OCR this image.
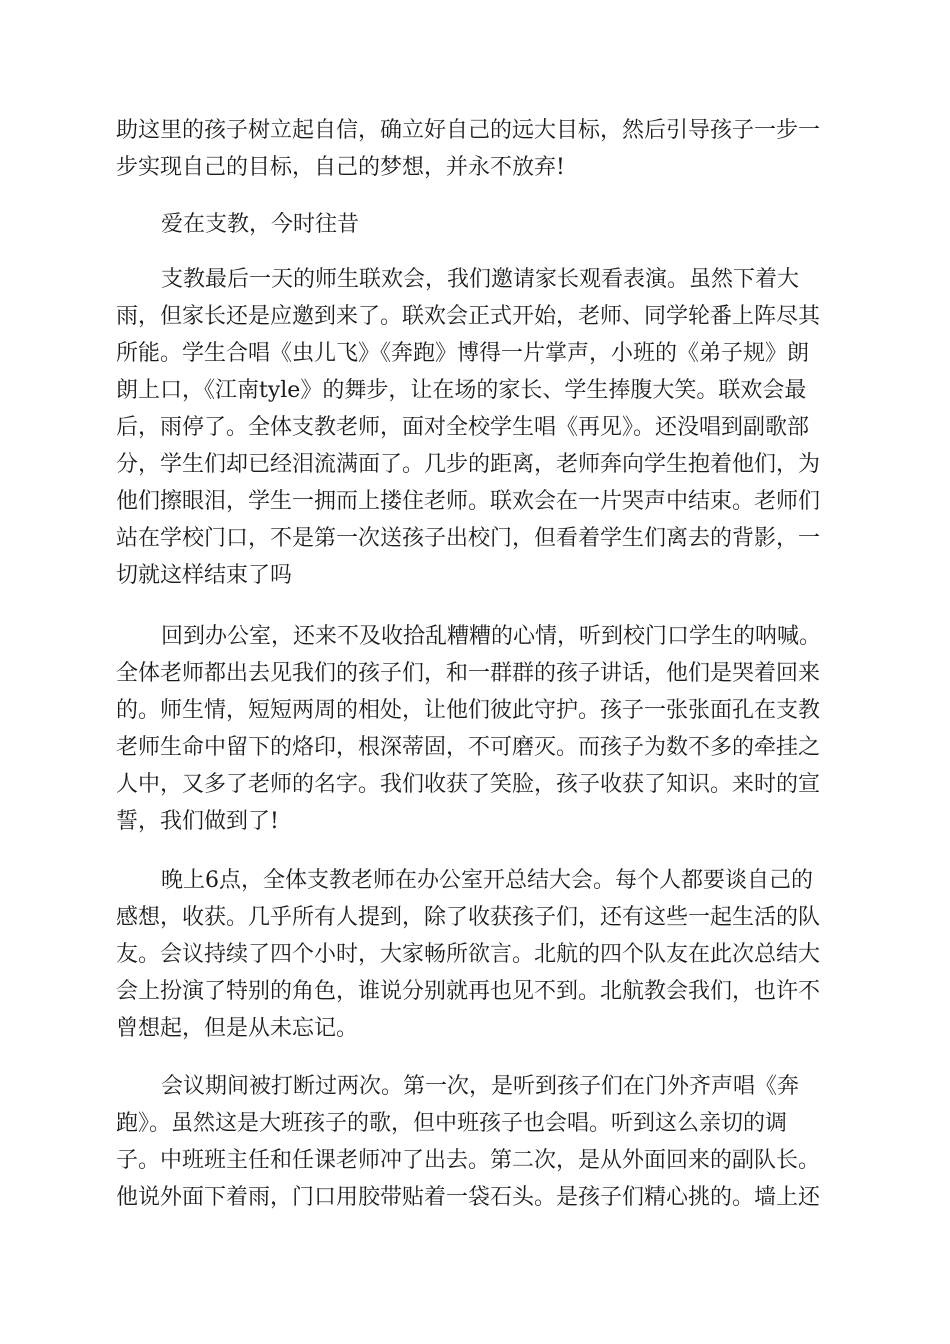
助这里的孩子树立起自信，确立好自己的远大目标，然后引导孩子一步一

步实现自己的目标，自己的梦想，并永不放弃!

爱在支教，今时往昔

支教最后一天的师生联欢会，我们邀请家长观看表演。虽然下着大

雨，但家长还是应邀到来了。联欢会正式开始，老师、同学轮番上阵尽其

所能。学生合唱《虫儿飞》《奔跑》博得一片掌声，小班的《弟子规》朗

朗上口，《江南tyle》的舞步，让在场的家长、学生捧腹大笑。联欢会最

后，雨停了。全体支教老师，面对全校学生唱《再见》。还没唱到副歌部

分，学生们却已经泪流满面了。几步的距离，老师奔向学生抱着他们，为

他们擦眼泪，学生一拥而上搂住老师。联欢会在一片哭声中结束。老师们

站在学校门口，不是第一次送孩子出校门，但看着学生们离去的背影，一

切就这样结束了吗

回到办公室，还来不及收拾乱糟糟的心情，听到校门口学生的呐喊。

全体老师都出去见我们的孩子们，和一群群的孩子讲话，他们是哭着回来

的。师生情，短短两周的相处，让他们彼此守护。孩子一张张面孔在支教

老师生命中留下的烙印，根深蒂固，不可磨灭。而孩子为数不多的牵挂之

人中，又多了老师的名字。我们收获了笑脸，孩子收获了知识。来时的宣

誓，我们做到了!

晚上6点，全体支教老师在办公室开总结大会。每个人都要谈自己的

感想，收获。几乎所有人提到，除了收获孩子们，还有这些一起生活的队

友。会议持续了四个小时，大家畅所欲言。北航的四个队友在此次总结大

会上扮演了特别的角色，谁说分别就再也见不到。北航教会我们，也许不

曾想起，但是从未忘记。

会议期间被打断过两次。第一次，是听到孩子们在门外齐声唱《奔

跑》。虽然这是大班孩子的歌，但中班孩子也会唱。听到这么亲切的调

子。中班班主任和任课老师冲了出去。第二次，是从外面回来的副队长。

他说外面下着雨，门口用胶带贴着一袋石头。是孩子们精心挑的。墙上还
